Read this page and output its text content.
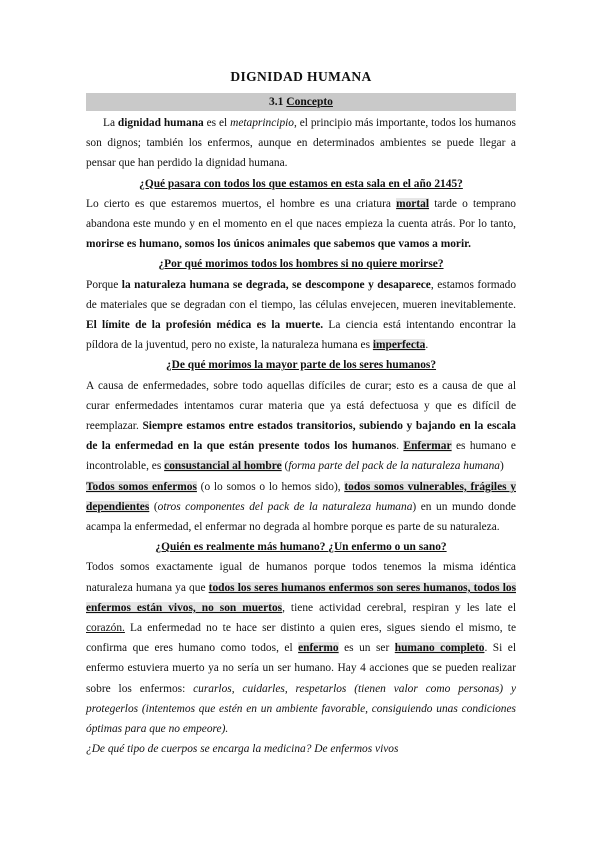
DIGNIDAD HUMANA
3.1 Concepto

La dignidad humana es el metaprincipio, el principio más importante, todos los humanos son dignos; también los enfermos, aunque en determinados ambientes se puede llegar a pensar que han perdido la dignidad humana.

¿Qué pasara con todos los que estamos en esta sala en el año 2145?

Lo cierto es que estaremos muertos, el hombre es una criatura mortal tarde o temprano abandona este mundo y en el momento en el que naces empieza la cuenta atrás. Por lo tanto, morirse es humano, somos los únicos animales que sabemos que vamos a morir.

¿Por qué morimos todos los hombres si no quiere morirse?

Porque la naturaleza humana se degrada, se descompone y desaparece, estamos formado de materiales que se degradan con el tiempo, las células envejecen, mueren inevitablemente. El límite de la profesión médica es la muerte. La ciencia está intentando encontrar la píldora de la juventud, pero no existe, la naturaleza humana es imperfecta.

¿De qué morimos la mayor parte de los seres humanos?

A causa de enfermedades, sobre todo aquellas difíciles de curar; esto es a causa de que al curar enfermedades intentamos curar materia que ya está defectuosa y que es difícil de reemplazar. Siempre estamos entre estados transitorios, subiendo y bajando en la escala de la enfermedad en la que están presente todos los humanos. Enfermar es humano e incontrolable, es consustancial al hombre (forma parte del pack de la naturaleza humana)

Todos somos enfermos (o lo somos o lo hemos sido), todos somos vulnerables, frágiles y dependientes (otros componentes del pack de la naturaleza humana) en un mundo donde acampa la enfermedad, el enfermar no degrada al hombre porque es parte de su naturaleza.

¿Quién es realmente más humano? ¿Un enfermo o un sano?

Todos somos exactamente igual de humanos porque todos tenemos la misma idéntica naturaleza humana ya que todos los seres humanos enfermos son seres humanos, todos los enfermos están vivos, no son muertos, tiene actividad cerebral, respiran y les late el corazón. La enfermedad no te hace ser distinto a quien eres, sigues siendo el mismo, te confirma que eres humano como todos, el enfermo es un ser humano completo. Si el enfermo estuviera muerto ya no sería un ser humano. Hay 4 acciones que se pueden realizar sobre los enfermos: curarlos, cuidarles, respetarlos (tienen valor como personas) y protegerlos (intentemos que estén en un ambiente favorable, consiguiendo unas condiciones óptimas para que no empeore).

¿De qué tipo de cuerpos se encarga la medicina? De enfermos vivos
